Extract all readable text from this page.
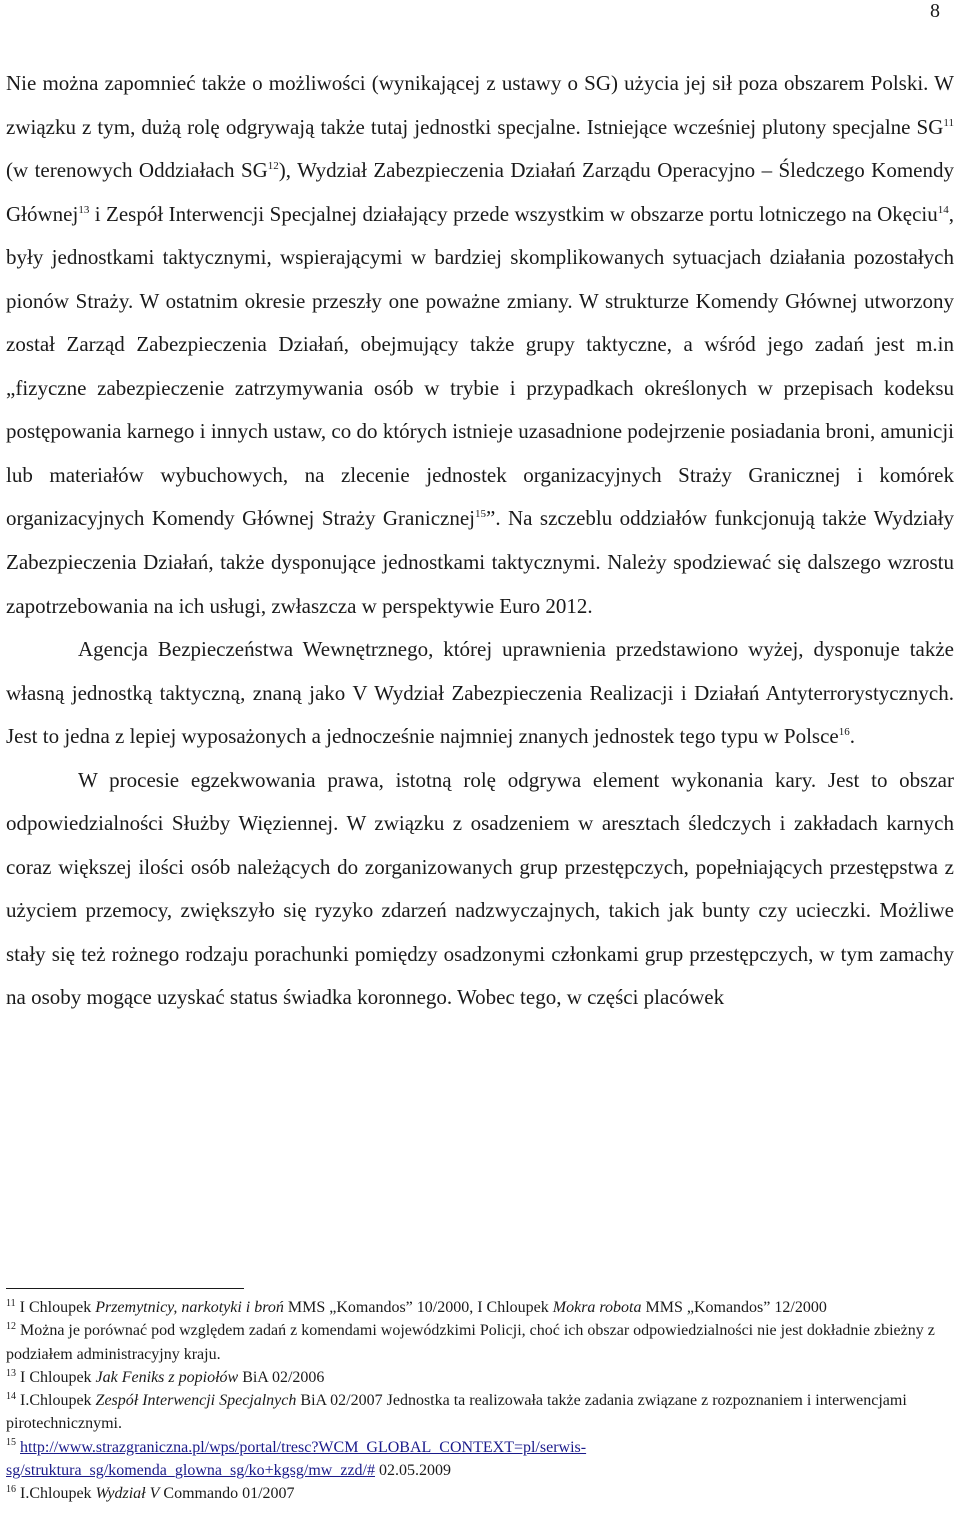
8

Nie można zapomnieć także o możliwości (wynikającej z ustawy o SG) użycia jej sił poza obszarem Polski. W związku z tym, dużą rolę odgrywają także tutaj jednostki specjalne. Istniejące wcześniej plutony specjalne SG$^{11}$ (w terenowych Oddziałach SG$^{12}$), Wydział Zabezpieczenia Działań Zarządu Operacyjno – Śledczego Komendy Głównej$^{13}$ i Zespół Interwencji Specjalnej działający przede wszystkim w obszarze portu lotniczego na Okęciu$^{14}$, były jednostkami taktycznymi, wspierającymi w bardziej skomplikowanych sytuacjach działania pozostałych pionów Straży. W ostatnim okresie przeszły one poważne zmiany. W strukturze Komendy Głównej utworzony został Zarząd Zabezpieczenia Działań, obejmujący także grupy taktyczne, a wśród jego zadań jest m.in „fizyczne zabezpieczenie zatrzymywania osób w trybie i przypadkach określonych w przepisach kodeksu postępowania karnego i innych ustaw, co do których istnieje uzasadnione podejrzenie posiadania broni, amunicji lub materiałów wybuchowych, na zlecenie jednostek organizacyjnych Straży Granicznej i komórek organizacyjnych Komendy Głównej Straży Granicznej$^{15}$”. Na szczeblu oddziałów funkcjonują także Wydziały Zabezpieczenia Działań, także dysponujące jednostkami taktycznymi. Należy spodziewać się dalszego wzrostu zapotrzebowania na ich usługi, zwłaszcza w perspektywie Euro 2012.

Agencja Bezpieczeństwa Wewnętrznego, której uprawnienia przedstawiono wyżej, dysponuje także własną jednostką taktyczną, znaną jako V Wydział Zabezpieczenia Realizacji i Działań Antyterrorystycznych. Jest to jedna z lepiej wyposażonych a jednocześnie najmniej znanych jednostek tego typu w Polsce$^{16}$.

W procesie egzekwowania prawa, istotną rolę odgrywa element wykonania kary. Jest to obszar odpowiedzialności Służby Więziennej. W związku z osadzeniem w aresztach śledczych i zakładach karnych coraz większej ilości osób należących do zorganizowanych grup przestępczych, popełniających przestępstwa z użyciem przemocy, zwiększyło się ryzyko zdarzeń nadzwyczajnych, takich jak bunty czy ucieczki. Możliwe stały się też rożnego rodzaju porachunki pomiędzy osadzonymi członkami grup przestępczych, w tym zamachy na osoby mogące uzyskać status świadka koronnego. Wobec tego, w części placówek

$^{11}$ I Chloupek Przemytnicy, narkotyki i broń MMS „Komandos” 10/2000, I Chloupek Mokra robota MMS „Komandos” 12/2000

$^{12}$ Można je porównać pod względem zadań z komendami wojewódzkimi Policji, choć ich obszar odpowiedzialności nie jest dokładnie zbieżny z podziałem administracyjny kraju.

$^{13}$ I Chloupek Jak Feniks z popiołów BiA 02/2006

$^{14}$ I.Chloupek Zespół Interwencji Specjalnych BiA 02/2007 Jednostka ta realizowała także zadania związane z rozpoznaniem i interwencjami pirotechnicznymi.

$^{15}$ http://www.strazgraniczna.pl/wps/portal/tresc?WCM_GLOBAL_CONTEXT=pl/serwis-sg/struktura_sg/komenda_glowna_sg/ko+kgsg/mw_zzd/# 02.05.2009

$^{16}$ I.Chloupek Wydział V Commando 01/2007
